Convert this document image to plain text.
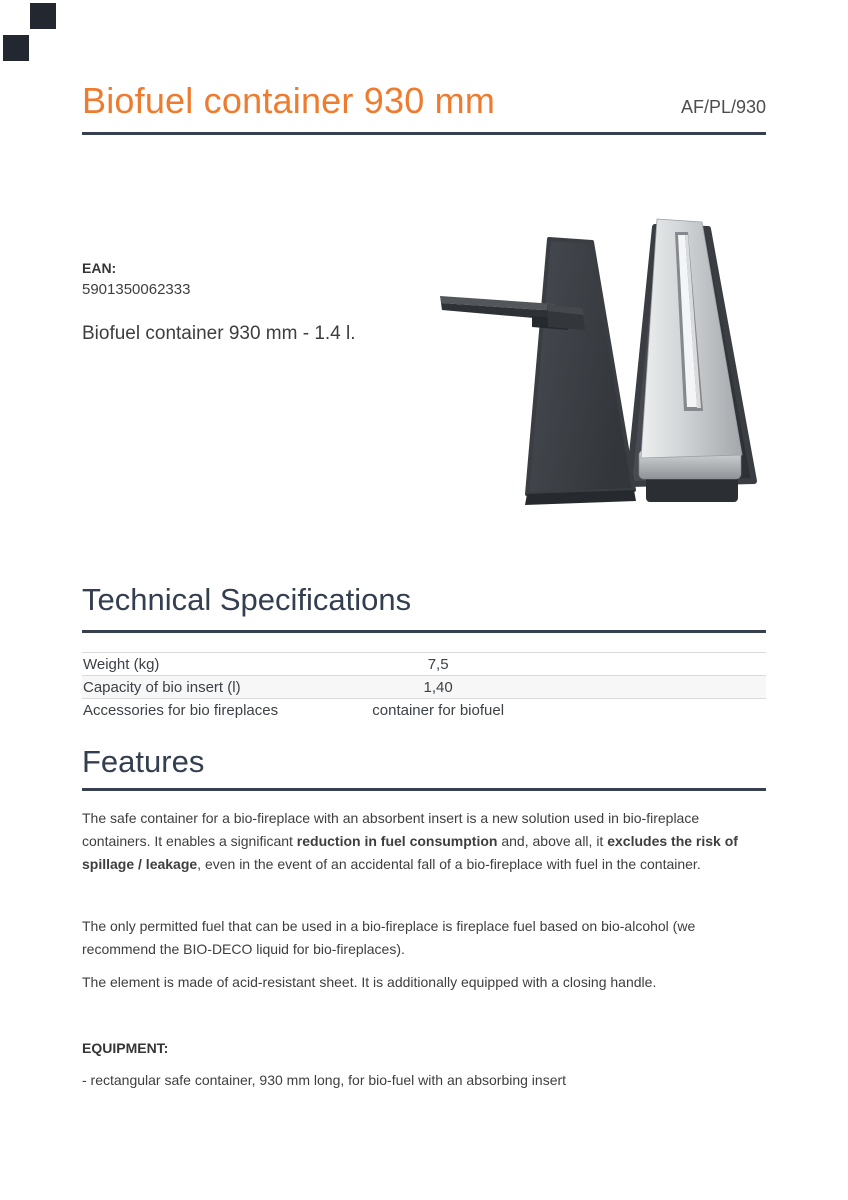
Biofuel container 930 mm	AF/PL/930
EAN:
5901350062333

Biofuel container 930 mm - 1.4 l.

Technical Specifications
Weight (kg)	7,5
Capacity of bio insert (l)	1,40
Accessories for bio fireplaces	container for biofuel
Features

The safe container for a bio-fireplace with an absorbent insert is a new solution used in bio-fireplace containers. It enables a significant reduction in fuel consumption and, above all, it excludes the risk of spillage / leakage, even in the event of an accidental fall of a bio-fireplace with fuel in the container.

The only permitted fuel that can be used in a bio-fireplace is fireplace fuel based on bio-alcohol (we recommend the BIO-DECO liquid for bio-fireplaces).

The element is made of acid-resistant sheet. It is additionally equipped with a closing handle.

EQUIPMENT:

- rectangular safe container, 930 mm long, for bio-fuel with an absorbing insert
